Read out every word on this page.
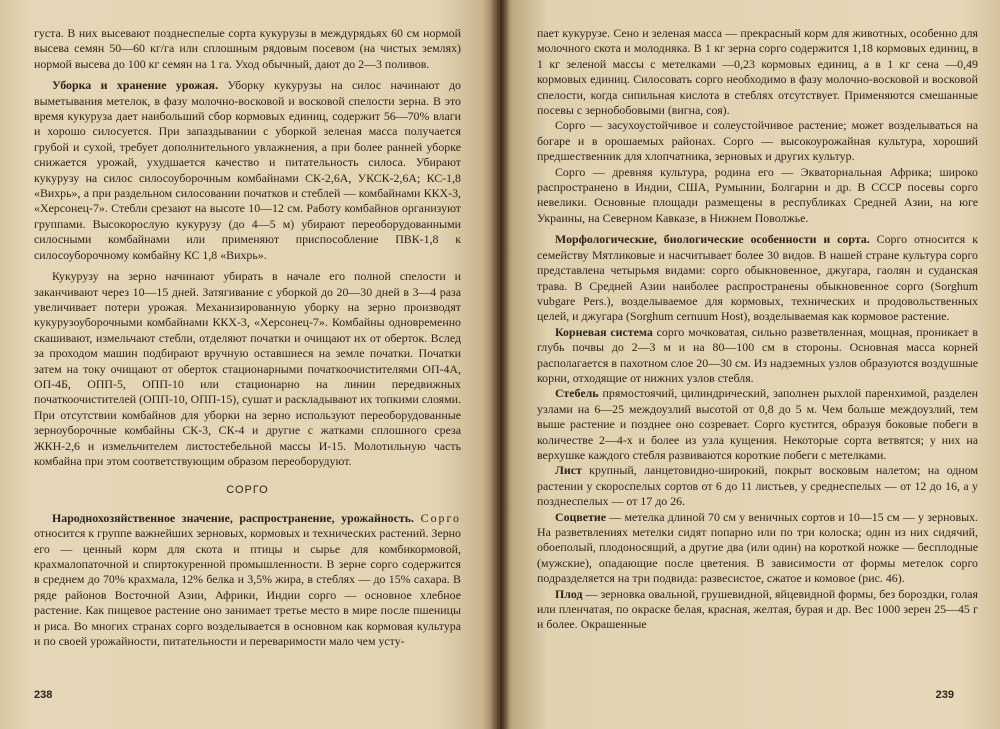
густа. В них высевают позднеспелые сорта кукурузы в междурядьях 60 см нормой высева семян 50—60 кг/га или сплошным рядовым посевом (на чистых землях) нормой высева до 100 кг семян на 1 га. Уход обычный, дают до 2—3 поливов.

Уборка и хранение урожая. Уборку кукурузы на силос начинают до выметывания метелок, в фазу молочно-восковой и восковой спелости зерна. В это время кукуруза дает наибольший сбор кормовых единиц, содержит 56—70% влаги и хорошо силосуется. При запаздывании с уборкой зеленая масса получается грубой и сухой, требует дополнительного увлажнения, а при более ранней уборке снижается урожай, ухудшается качество и питательность силоса. Убирают кукурузу на силос силосоуборочным комбайнами СК-2,6А, УКСК-2,6А; КС-1,8 «Вихрь», а при раздельном силосовании початков и стеблей — комбайнами ККХ-3, «Херсонец-7». Стебли срезают на высоте 10—12 см. Работу комбайнов организуют группами. Высокорослую кукурузу (до 4—5 м) убирают переоборудованными силосными комбайнами или применяют приспособление ПВК-1,8 к силосоуборочному комбайну КС 1,8 «Вихрь».

Кукурузу на зерно начинают убирать в начале его полной спелости и заканчивают через 10—15 дней. Затягивание с уборкой до 20—30 дней в 3—4 раза увеличивает потери урожая. Механизированную уборку на зерно производят кукурузоуборочными комбайнами ККХ-3, «Херсонец-7». Комбайны одновременно скашивают, измельчают стебли, отделяют початки и очищают их от оберток. Вслед за проходом машин подбирают вручную оставшиеся на земле початки. Початки затем на току очищают от оберток стационарными початкоочистителями ОП-4А, ОП-4Б, ОПП-5, ОПП-10 или стационарно на линии передвижных початкоочистителей (ОПП-10, ОПП-15), сушат и раскладывают их топкими слоями. При отсутствии комбайнов для уборки на зерно используют переоборудованные зерноуборочные комбайны СК-3, СК-4 и другие с жатками сплошного среза ЖКН-2,6 и измельчителем листостебельной массы И-15. Молотильную часть комбайна при этом соответствующим образом переоборудуют.

СОРГО

Народнохозяйственное значение, распространение, урожайность. Сорго относится к группе важнейших зерновых, кормовых и технических растений. Зерно его — ценный корм для скота и птицы и сырье для комбикормовой, крахмалопаточной и спиртокуренной промышленности. В зерне сорго содержится в среднем до 70% крахмала, 12% белка и 3,5% жира, в стеблях — до 15% сахара. В ряде районов Восточной Азии, Африки, Индии сорго — основное хлебное растение. Как пищевое растение оно занимает третье место в мире после пшеницы и риса. Во многих странах сорго возделывается в основном как кормовая культура и по своей урожайности, питательности и переваримости мало чем усту-

238

пает кукурузе. Сено и зеленая масса — прекрасный корм для животных, особенно для молочного скота и молодняка. В 1 кг зерна сорго содержится 1,18 кормовых единиц, в 1 кг зеленой массы с метелками —0,23 кормовых единиц, а в 1 кг сена —0,49 кормовых единиц. Силосовать сорго необходимо в фазу молочно-восковой и восковой спелости, когда сипильная кислота в стеблях отсутствует. Применяются смешанные посевы с зернобобовыми (вигна, соя).

Сорго — засухоустойчивое и солеустойчивое растение; может возделываться на богаре и в орошаемых районах. Сорго — высокоурожайная культура, хороший предшественник для хлопчатника, зерновых и других культур.

Сорго — древняя культура, родина его — Экваториальная Африка; широко распространено в Индии, США, Румынии, Болгарии и др. В СССР посевы сорго невелики. Основные площади размещены в республиках Средней Азии, на юге Украины, на Северном Кавказе, в Нижнем Поволжье.

Морфологические, биологические особенности и сорта. Сорго относится к семейству Мятликовые и насчитывает более 30 видов. В нашей стране культура сорго представлена четырьмя видами: сорго обыкновенное, джугара, гаолян и суданская трава. В Средней Азии наиболее распространены обыкновенное сорго (Sorghum vubgare Pers.), возделываемое для кормовых, технических и продовольственных целей, и джугара (Sorghum cernuum Host), возделываемая как кормовое растение.

Корневая система сорго мочковатая, сильно разветвленная, мощная, проникает в глубь почвы до 2—3 м и на 80—100 см в стороны. Основная масса корней располагается в пахотном слое 20—30 см. Из надземных узлов образуются воздушные корни, отходящие от нижних узлов стебля.

Стебель прямостоячий, цилиндрический, заполнен рыхлой паренхимой, разделен узлами на 6—25 междоузлий высотой от 0,8 до 5 м. Чем больше междоузлий, тем выше растение и позднее оно созревает. Сорго кустится, образуя боковые побеги в количестве 2—4-х и более из узла кущения. Некоторые сорта ветвятся; у них на верхушке каждого стебля развиваются короткие побеги с метелками.

Лист крупный, ланцетовидно-широкий, покрыт восковым налетом; на одном растении у скороспелых сортов от 6 до 11 листьев, у среднеспелых — от 12 до 16, а у позднеспелых — от 17 до 26.

Соцветие — метелка длиной 70 см у веничных сортов и 10—15 см — у зерновых. На разветвлениях метелки сидят попарно или по три колоска; один из них сидячий, обоеполый, плодоносящий, а другие два (или один) на короткой ножке — бесплодные (мужские), опадающие после цветения. В зависимости от формы метелок сорго подразделяется на три подвида: развесистое, сжатое и комовое (рис. 46).

Плод — зерновка овальной, грушевидной, яйцевидной формы, без бороздки, голая или пленчатая, по окраске белая, красная, желтая, бурая и др. Вес 1000 зерен 25—45 г и более. Окрашенные

239
